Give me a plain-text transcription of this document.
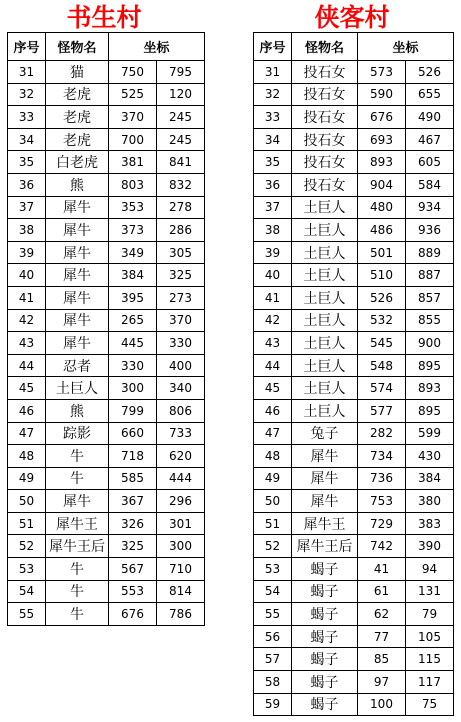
书生村	侠客村
序号	怪物名	坐标	
31	猫	750	795
32	老虎	525	120
33	老虎	370	245
34	老虎	700	245
35	白老虎	381	841
36	熊	803	832
37	犀牛	353	278
38	犀牛	373	286
39	犀牛	349	305
40	犀牛	384	325
41	犀牛	395	273
42	犀牛	265	370
43	犀牛	445	330
44	忍者	330	400
45	土巨人	300	340
46	熊	799	806
47	踪影	660	733
48	牛	718	620
49	牛	585	444
50	犀牛	367	296
51	犀牛王	326	301
52	犀牛王后	325	300
53	牛	567	710
54	牛	553	814
55	牛	676	786
序号	怪物名	坐标	
31	投石女	573	526
32	投石女	590	655
33	投石女	676	490
34	投石女	693	467
35	投石女	893	605
36	投石女	904	584
37	土巨人	480	934
38	土巨人	486	936
39	土巨人	501	889
40	土巨人	510	887
41	土巨人	526	857
42	土巨人	532	855
43	土巨人	545	900
44	土巨人	548	895
45	土巨人	574	893
46	土巨人	577	895
47	兔子	282	599
48	犀牛	734	430
49	犀牛	736	384
50	犀牛	753	380
51	犀牛王	729	383
52	犀牛王后	742	390
53	蝎子	41	94
54	蝎子	61	131
55	蝎子	62	79
56	蝎子	77	105
57	蝎子	85	115
58	蝎子	97	117
59	蝎子	100	75
